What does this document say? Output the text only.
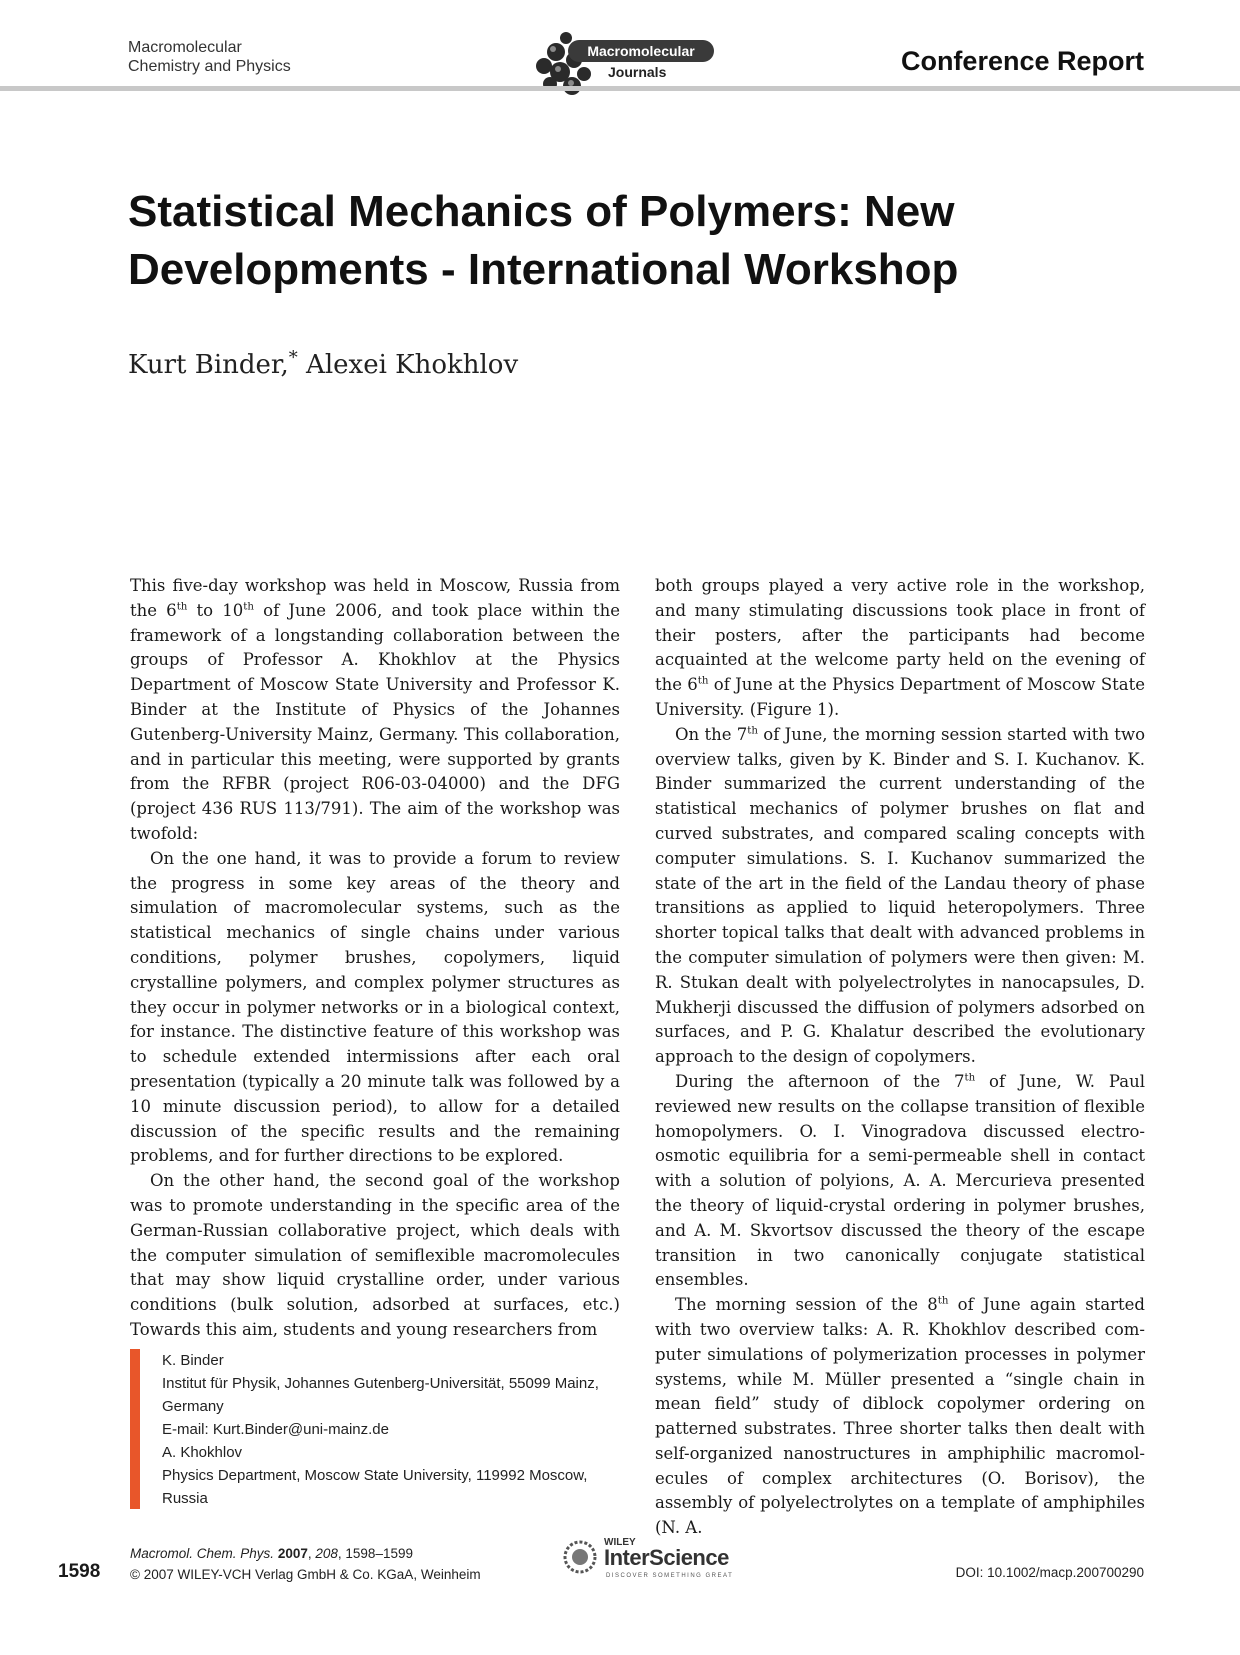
Macromolecular
Chemistry and Physics
Macromolecular
Journals	Conference Report
Statistical Mechanics of Polymers: New Developments - International Workshop

Kurt Binder,* Alexei Khokhlov

This five-day workshop was held in Moscow, Russia from the 6th to 10th of June 2006, and took place within the framework of a longstanding collaboration between the groups of Professor A. Khokhlov at the Physics Department of Moscow State University and Professor K. Binder at the Institute of Physics of the Johannes Gutenberg-University Mainz, Germany. This collaboration, and in particular this meeting, were supported by grants from the RFBR (project R06-03-04000) and the DFG (project 436 RUS 113/791). The aim of the workshop was twofold:

On the one hand, it was to provide a forum to review the progress in some key areas of the theory and simulation of macromolecular systems, such as the statistical mechanics of single chains under various conditions, polymer brushes, copolymers, liquid crystalline polymers, and complex polymer structures as they occur in polymer networks or in a biological context, for instance. The distinctive feature of this workshop was to schedule extended intermissions after each oral presentation (typically a 20 minute talk was followed by a 10 minute discussion period), to allow for a detailed discussion of the specific results and the remaining problems, and for further directions to be explored.

On the other hand, the second goal of the workshop was to promote understanding in the specific area of the German-Russian collaborative project, which deals with the computer simulation of semiflexible macromolecules that may show liquid crystalline order, under various conditions (bulk solution, adsorbed at surfaces, etc.) Towards this aim, students and young researchers from

both groups played a very active role in the workshop, and many stimulating discussions took place in front of their posters, after the participants had become acquainted at the welcome party held on the evening of the 6th of June at the Physics Department of Moscow State University. (Figure 1).

On the 7th of June, the morning session started with two overview talks, given by K. Binder and S. I. Kuchanov. K. Binder summarized the current understanding of the statistical mechanics of polymer brushes on flat and curved substrates, and compared scaling concepts with computer simulations. S. I. Kuchanov summarized the state of the art in the field of the Landau theory of phase transitions as applied to liquid heteropolymers. Three shorter topical talks that dealt with advanced problems in the computer simulation of polymers were then given: M. R. Stukan dealt with polyelectrolytes in nanocapsules, D. Mukherji discussed the diffusion of polymers adsorbed on surfaces, and P. G. Khalatur described the evolutionary approach to the design of copolymers.

During the afternoon of the 7th of June, W. Paul reviewed new results on the collapse transition of flexible homopolymers. O. I. Vinogradova discussed electro-osmotic equilibria for a semi-permeable shell in contact with a solution of polyions, A. A. Mercurieva presented the theory of liquid-crystal ordering in polymer brushes, and A. M. Skvortsov discussed the theory of the escape transition in two canonically conjugate statistical ensembles.

The morning session of the 8th of June again started with two overview talks: A. R. Khokhlov described computer simulations of polymerization processes in polymer systems, while M. Müller presented a “single chain in mean field” study of diblock copolymer ordering on patterned substrates. Three shorter talks then dealt with self-organized nanostructures in amphiphilic macromolecules of complex architectures (O. Borisov), the assembly of polyelectrolytes on a template of amphiphiles (N. A.

K. Binder
Institut für Physik, Johannes Gutenberg-Universität, 55099 Mainz, Germany
E-mail: Kurt.Binder@uni-mainz.de
A. Khokhlov
Physics Department, Moscow State University, 119992 Moscow, Russia
1598
Macromol. Chem. Phys. 2007, 208, 1598–1599
© 2007 WILEY-VCH Verlag GmbH & Co. KGaA, Weinheim
WILEY
InterScience
DISCOVER SOMETHING GREAT	DOI: 10.1002/macp.200700290
